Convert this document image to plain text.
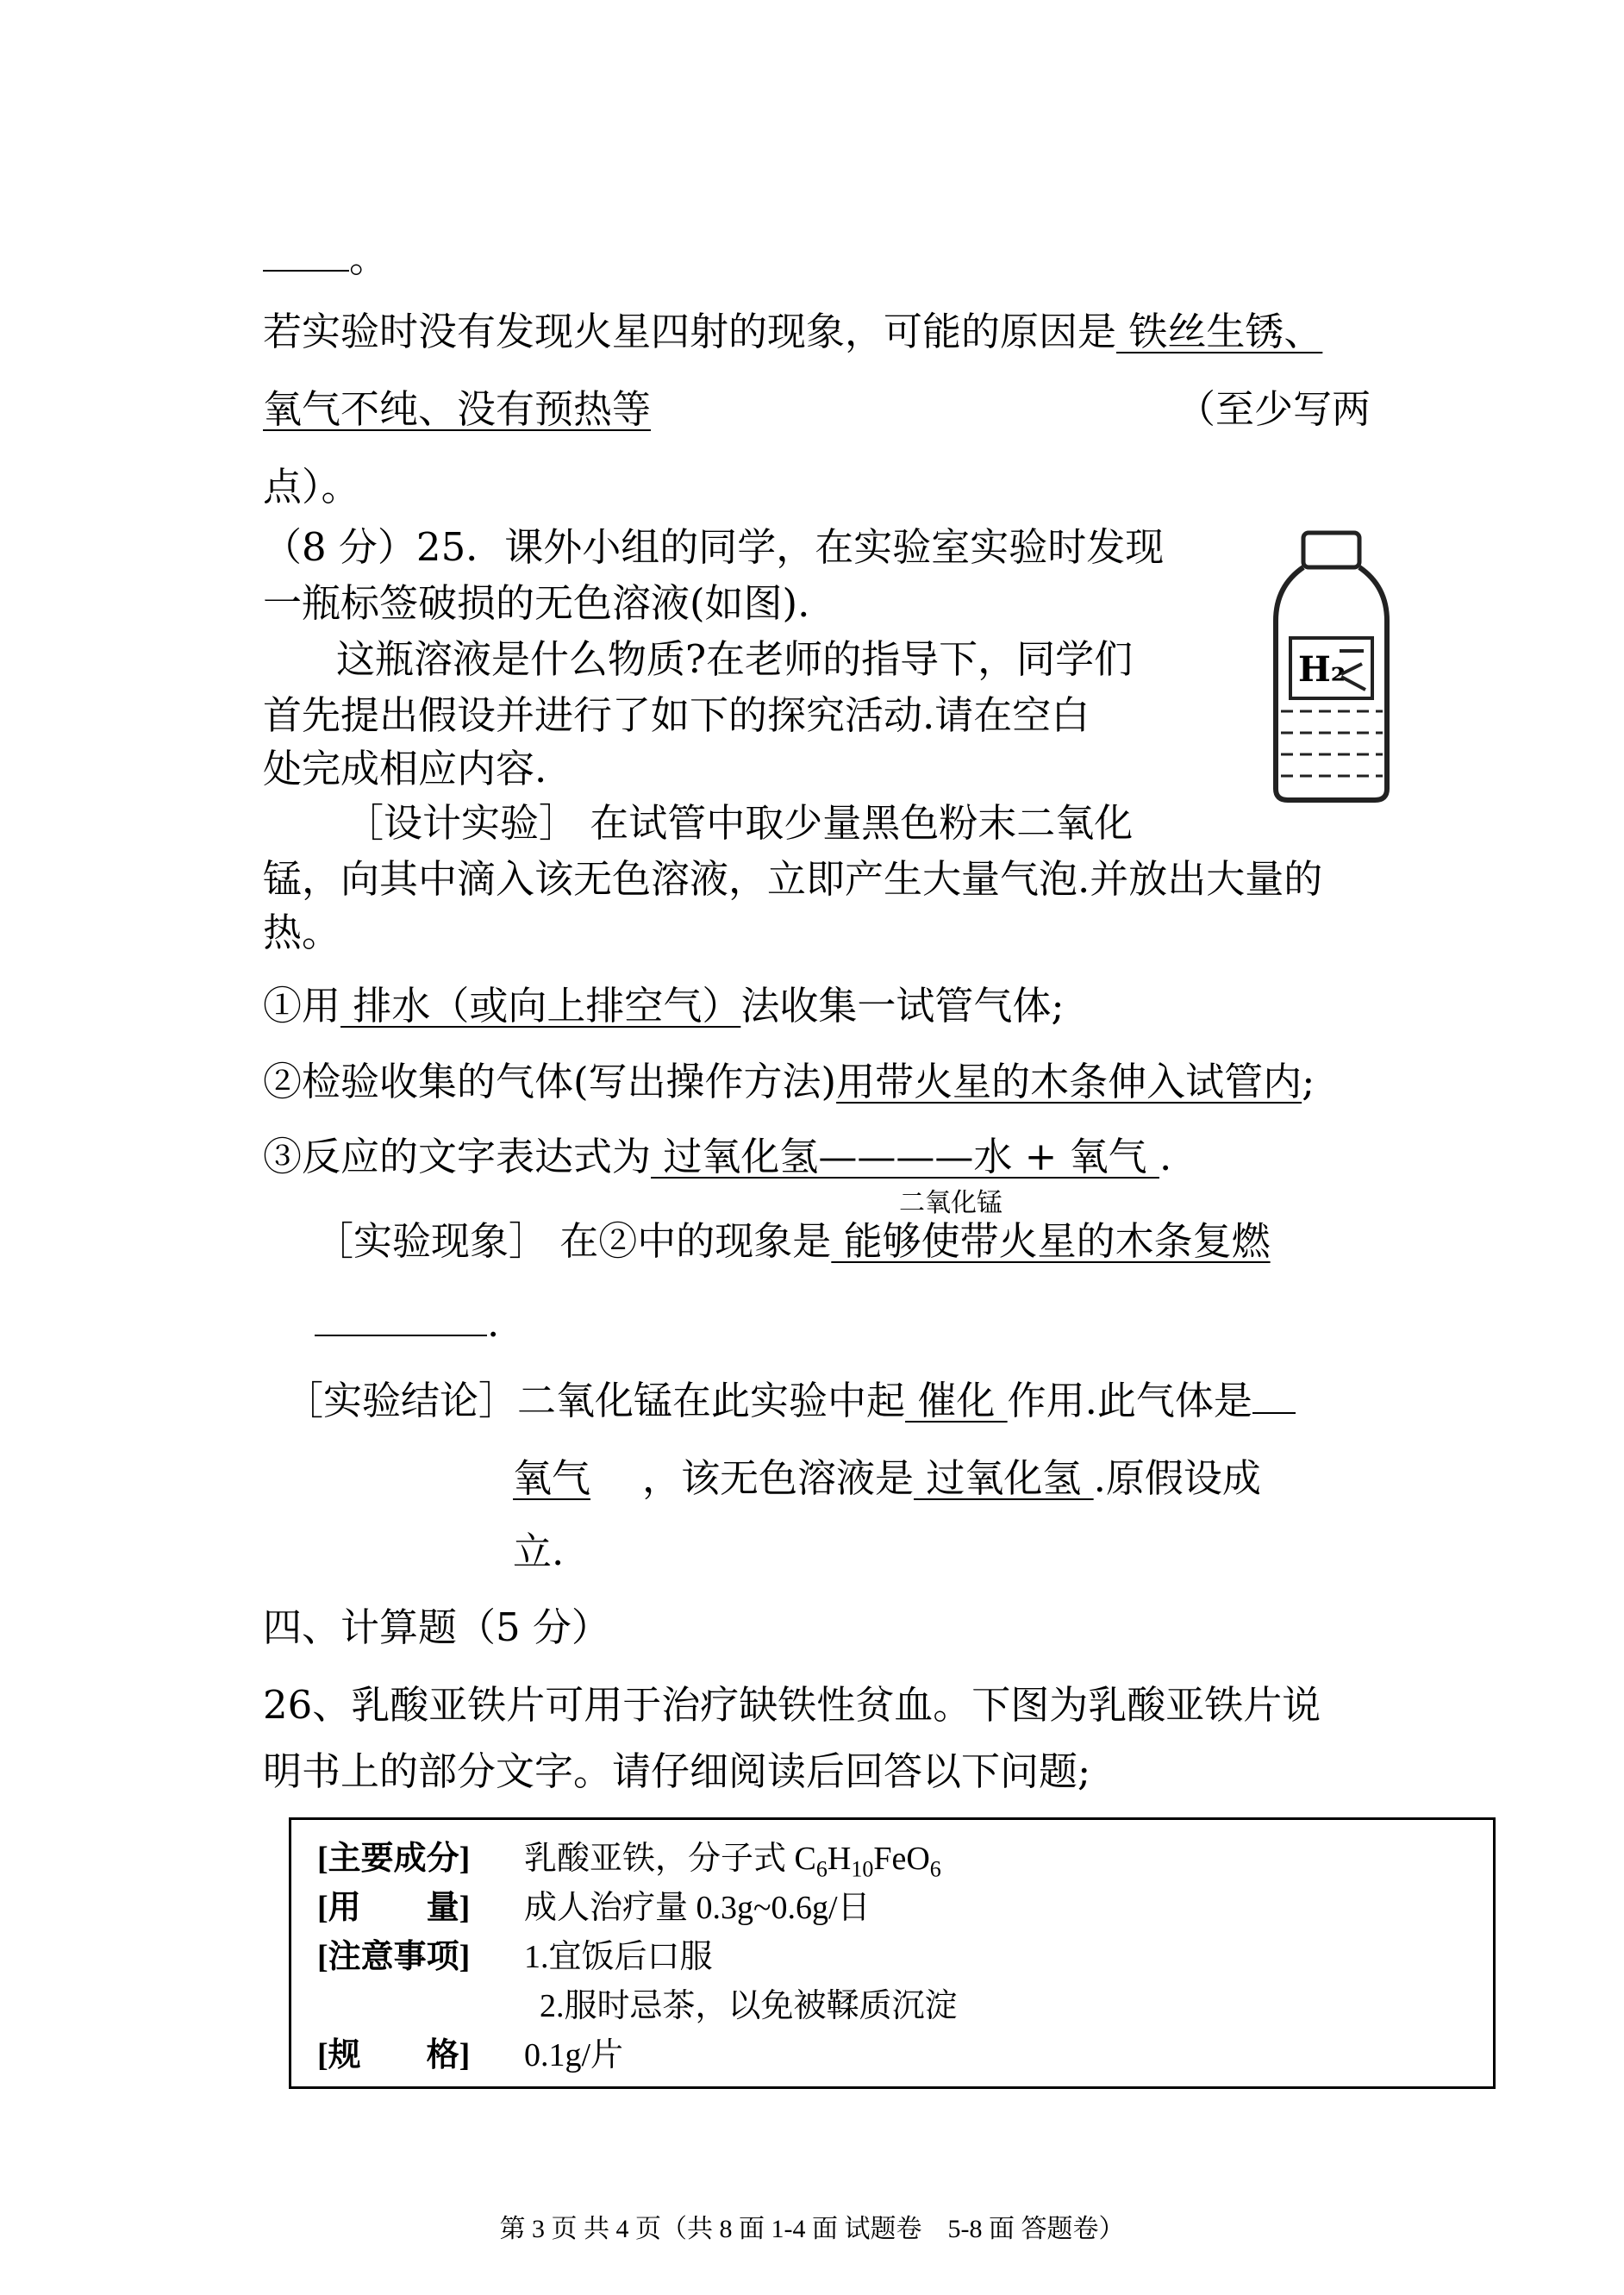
。
若实验时没有发现火星四射的现象，可能的原因是 铁丝生锈、
氧气不纯、没有预热等	（至少写两
点）。
（8 分）25．课外小组的同学，在实验室实验时发现
一瓶标签破损的无色溶液(如图).
H₂
这瓶溶液是什么物质?在老师的指导下，同学们
首先提出假设并进行了如下的探究活动.请在空白
处完成相应内容.
［设计实验］ 在试管中取少量黑色粉末二氧化
锰，向其中滴入该无色溶液，立即产生大量气泡.并放出大量的
热。
①用 排水（或向上排空气）法收集一试管气体;
②检验收集的气体(写出操作方法)用带火星的木条伸入试管内;
③反应的文字表达式为 过氧化氢————水 + 氧气 .
二氧化锰
［实验现象］ 在②中的现象是 能够使带火星的木条复燃
.
［实验结论］二氧化锰在此实验中起 催化 作用.此气体是
氧气 ，该无色溶液是 过氧化氢 .原假设成
立.
四、计算题（5 分）
26、乳酸亚铁片可用于治疗缺铁性贫血。下图为乳酸亚铁片说
明书上的部分文字。请仔细阅读后回答以下问题;
[主要成分] 乳酸亚铁，分子式 $C_6H_{10}FeO_6$
[用　　量] 成人治疗量 0.3g~0.6g/日
[注意事项] 1.宜饭后口服
2.服时忌茶，以免被鞣质沉淀
[规　　格] 0.1g/片
第 3 页 共 4 页（共 8 面 1-4 面 试题卷　5-8 面 答题卷）
